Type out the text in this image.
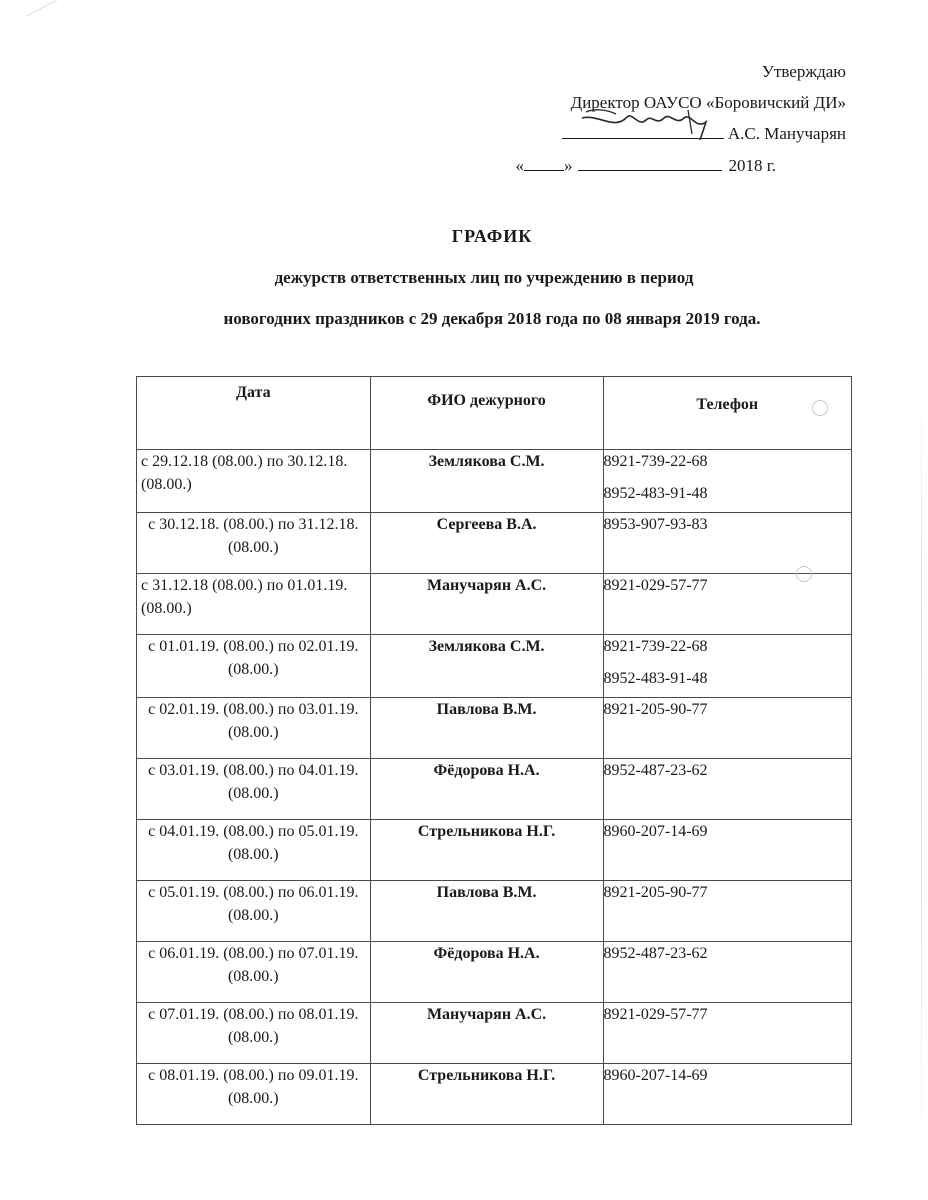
Утверждаю
Директор ОАУСО «Боровичский ДИ»
А.С. Манучарян
« »	2018 г.
ГРАФИК
дежурств ответственных лиц по учреждению в период
новогодних праздников с 29 декабря 2018 года по 08 января 2019 года.
Дата	ФИО дежурного	Телефон
с 29.12.18 (08.00.) по 30.12.18. (08.00.)	Землякова С.М.	8921-739-22-68
8952-483-91-48

с 30.12.18. (08.00.) по 31.12.18. (08.00.)	Сергеева В.А.	8953-907-93-83
с 31.12.18 (08.00.) по 01.01.19. (08.00.)	Манучарян А.С.	8921-029-57-77
с 01.01.19. (08.00.) по 02.01.19. (08.00.)	Землякова С.М.	8921-739-22-68
8952-483-91-48

с 02.01.19. (08.00.) по 03.01.19. (08.00.)	Павлова В.М.	8921-205-90-77
с 03.01.19. (08.00.) по 04.01.19. (08.00.)	Фёдорова Н.А.	8952-487-23-62
с 04.01.19. (08.00.) по 05.01.19. (08.00.)	Стрельникова Н.Г.	8960-207-14-69
с 05.01.19. (08.00.) по 06.01.19. (08.00.)	Павлова В.М.	8921-205-90-77
с 06.01.19. (08.00.) по 07.01.19. (08.00.)	Фёдорова Н.А.	8952-487-23-62
с 07.01.19. (08.00.) по 08.01.19. (08.00.)	Манучарян А.С.	8921-029-57-77
с 08.01.19. (08.00.) по 09.01.19. (08.00.)	Стрельникова Н.Г.	8960-207-14-69
